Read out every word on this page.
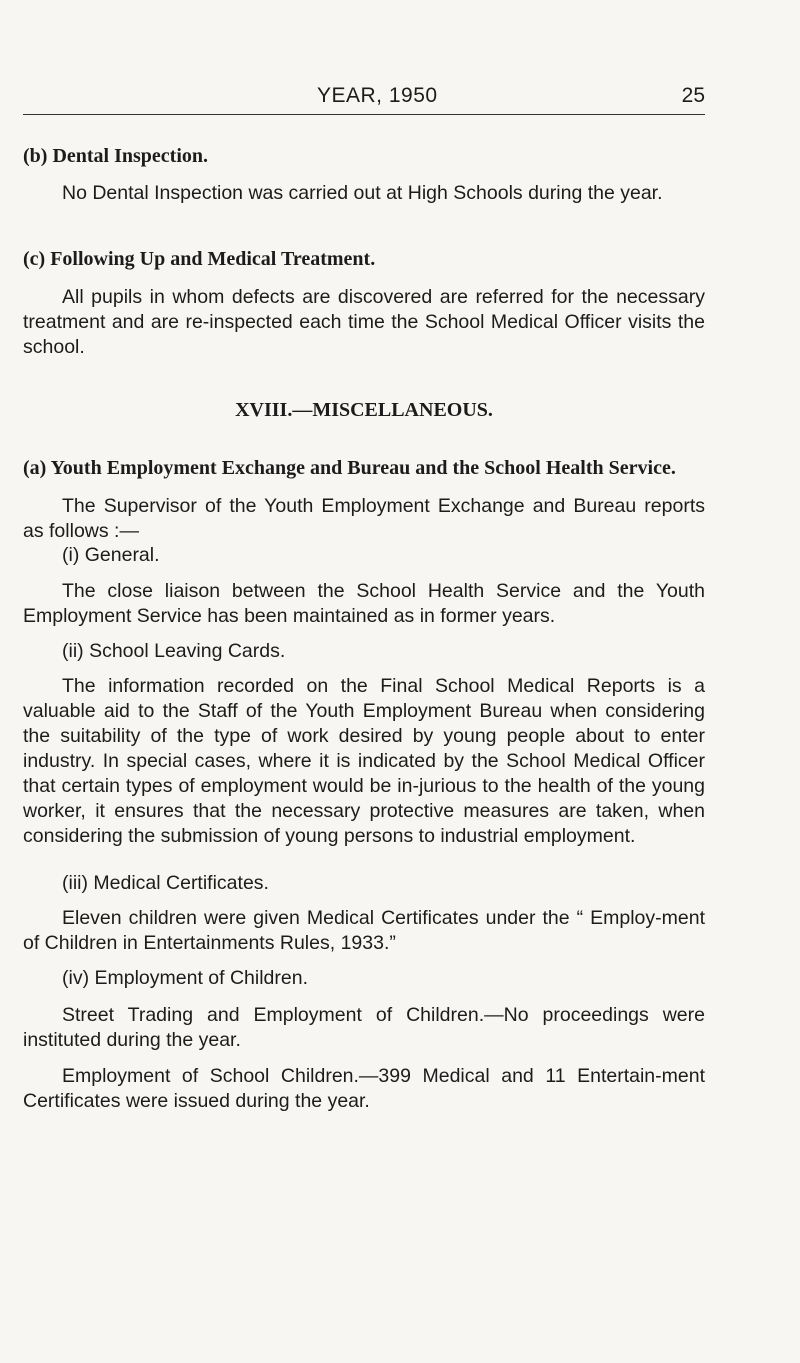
YEAR, 1950	25
(b) Dental Inspection.
No Dental Inspection was carried out at High Schools during the year.
(c) Following Up and Medical Treatment.
All pupils in whom defects are discovered are referred for the necessary treatment and are re-inspected each time the School Medical Officer visits the school.
XVIII.—MISCELLANEOUS.
(a) Youth Employment Exchange and Bureau and the School Health Service.
The Supervisor of the Youth Employment Exchange and Bureau reports as follows :—
(i) General.
The close liaison between the School Health Service and the Youth Employment Service has been maintained as in former years.
(ii) School Leaving Cards.
The information recorded on the Final School Medical Reports is a valuable aid to the Staff of the Youth Employment Bureau when considering the suitability of the type of work desired by young people about to enter industry. In special cases, where it is indicated by the School Medical Officer that certain types of employment would be in-jurious to the health of the young worker, it ensures that the necessary protective measures are taken, when considering the submission of young persons to industrial employment.
(iii) Medical Certificates.
Eleven children were given Medical Certificates under the “ Employ-ment of Children in Entertainments Rules, 1933.”
(iv) Employment of Children.
Street Trading and Employment of Children.—No proceedings were instituted during the year.
Employment of School Children.—399 Medical and 11 Entertain-ment Certificates were issued during the year.
